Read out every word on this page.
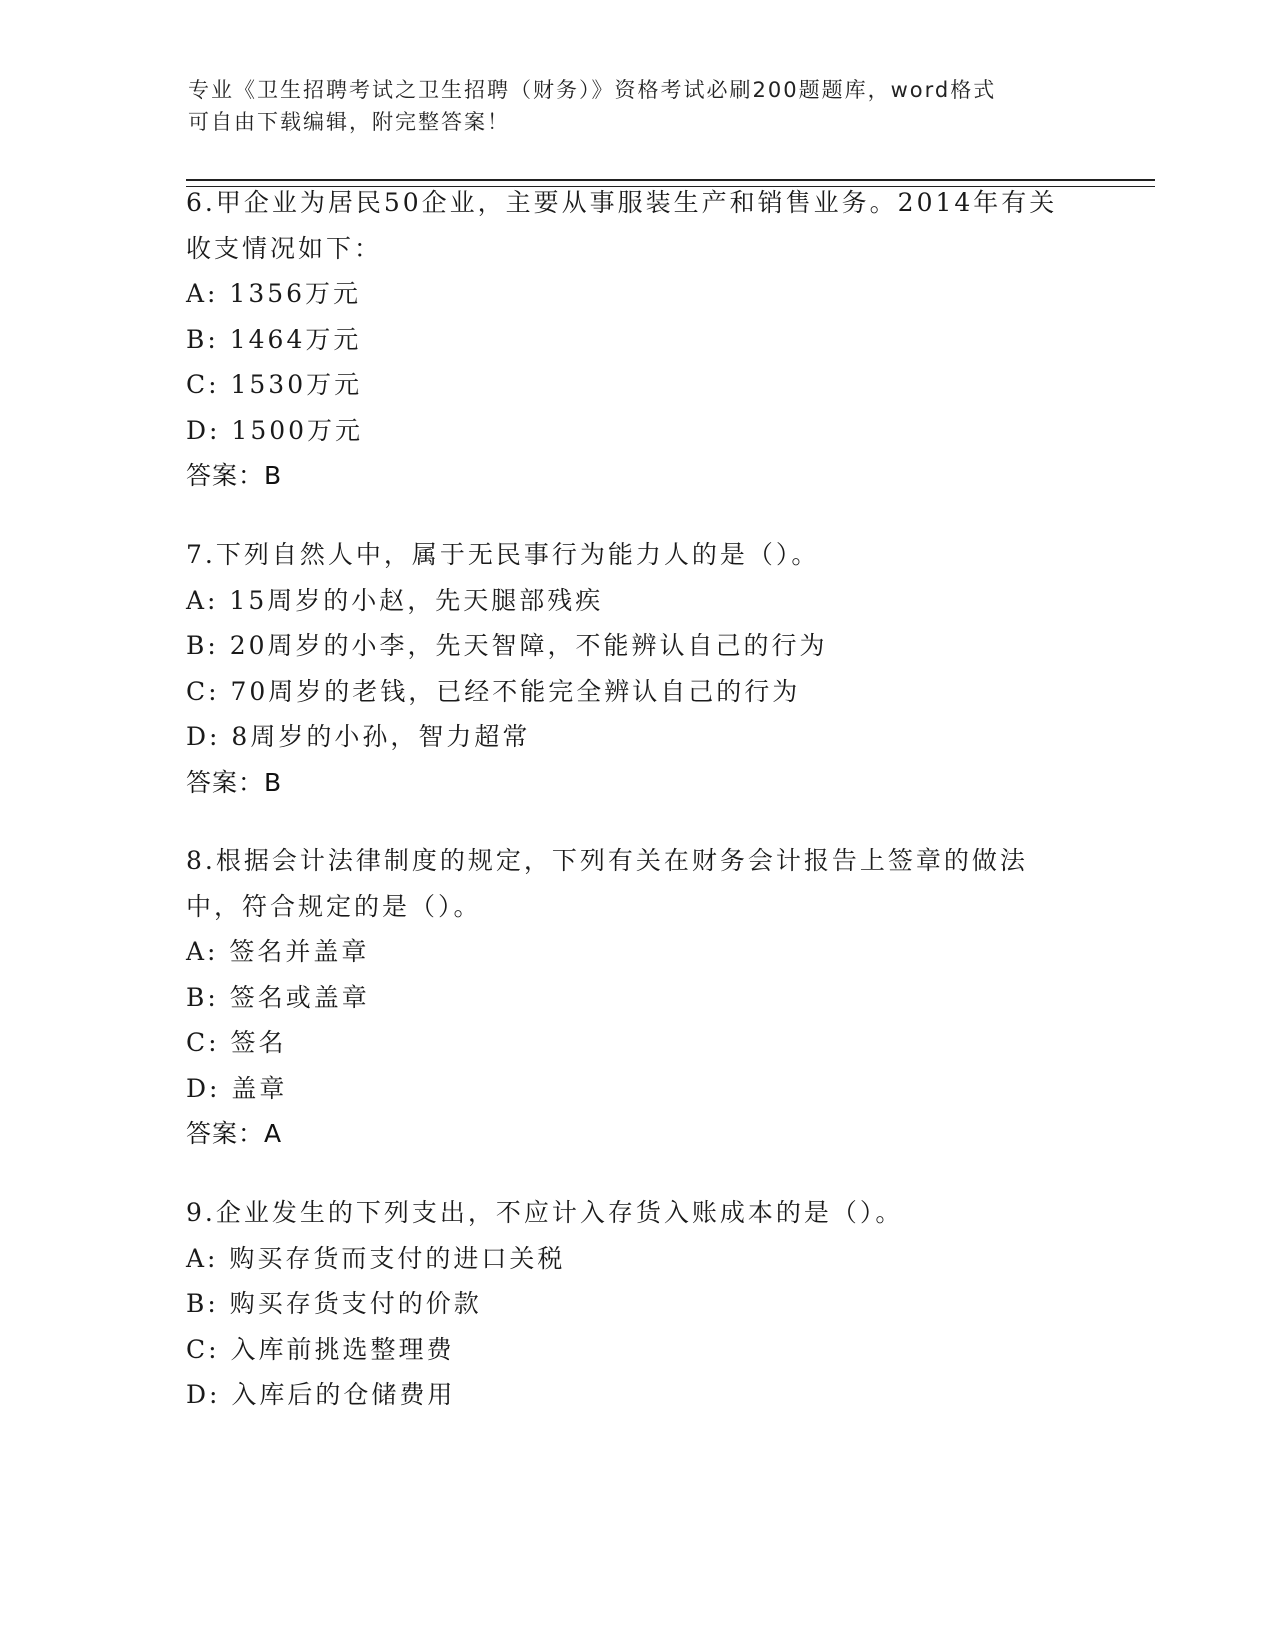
专业《卫生招聘考试之卫生招聘（财务）》资格考试必刷200题题库，word格式
可自由下载编辑，附完整答案！
6.甲企业为居民50企业，主要从事服装生产和销售业务。2014年有关
收支情况如下：
A: 1356万元
B: 1464万元
C: 1530万元
D: 1500万元
答案：B
7.下列自然人中，属于无民事行为能力人的是（）。
A: 15周岁的小赵，先天腿部残疾
B: 20周岁的小李，先天智障，不能辨认自己的行为
C: 70周岁的老钱，已经不能完全辨认自己的行为
D: 8周岁的小孙，智力超常
答案：B
8.根据会计法律制度的规定，下列有关在财务会计报告上签章的做法
中，符合规定的是（）。
A: 签名并盖章
B: 签名或盖章
C: 签名
D: 盖章
答案：A
9.企业发生的下列支出，不应计入存货入账成本的是（）。
A: 购买存货而支付的进口关税
B: 购买存货支付的价款
C: 入库前挑选整理费
D: 入库后的仓储费用
